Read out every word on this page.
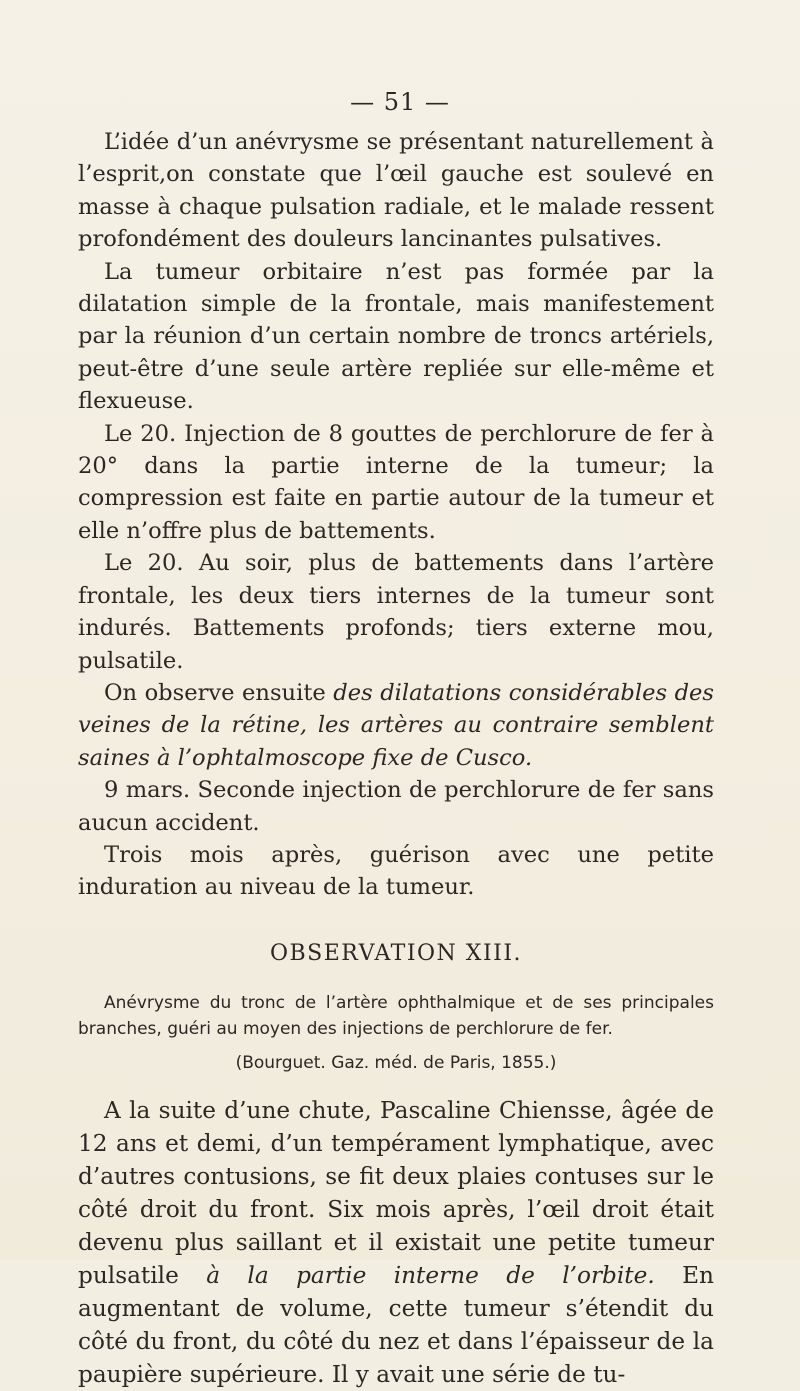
— 51 —

L’idée d’un anévrysme se présentant naturellement à l’esprit,on constate que l’œil gauche est soulevé en masse à chaque pulsation radiale, et le malade ressent profondément des douleurs lancinantes pulsatives.

La tumeur orbitaire n’est pas formée par la dilatation simple de la frontale, mais manifestement par la réunion d’un certain nombre de troncs artériels, peut-être d’une seule artère repliée sur elle-même et flexueuse.

Le 20. Injection de 8 gouttes de perchlorure de fer à 20° dans la partie interne de la tumeur; la compression est faite en partie autour de la tumeur et elle n’offre plus de battements.

Le 20. Au soir, plus de battements dans l’artère frontale, les deux tiers internes de la tumeur sont indurés. Battements profonds; tiers externe mou, pulsatile.

On observe ensuite des dilatations considérables des veines de la rétine, les artères au contraire semblent saines à l’ophtalmoscope fixe de Cusco.

9 mars. Seconde injection de perchlorure de fer sans aucun accident.

Trois mois après, guérison avec une petite induration au niveau de la tumeur.

OBSERVATION XIII.

Anévrysme du tronc de l’artère ophthalmique et de ses principales branches, guéri au moyen des injections de perchlorure de fer.

(Bourguet. Gaz. méd. de Paris, 1855.)

A la suite d’une chute, Pascaline Chiensse, âgée de 12 ans et demi, d’un tempérament lymphatique, avec d’autres contusions, se fit deux plaies contuses sur le côté droit du front. Six mois après, l’œil droit était devenu plus saillant et il existait une petite tumeur pulsatile à la partie interne de l’orbite. En augmentant de volume, cette tumeur s’étendit du côté du front, du côté du nez et dans l’épaisseur de la paupière supérieure. Il y avait une série de tu-
